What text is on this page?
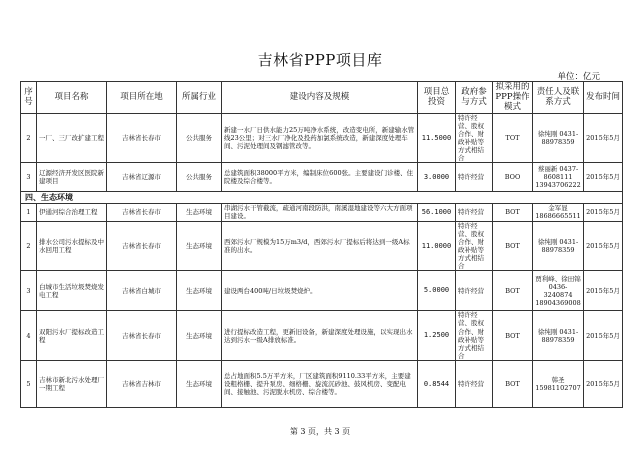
吉林省PPP项目库
单位：亿元
序号	项目名称	项目所在地	所属行业	建设内容及规模	项目总投资	政府参与方式	拟采用的PPP操作模式	责任人及联系方式	发布时间
2	一厂、三厂改扩建工程	吉林省长春市	公共服务	新建一水厂日供水能力25万吨净水系统，改造变电所，新建输水管线23公里；对三水厂净化及投药加氯系统改造，新建深度处理车间、污泥处理间及钢滤管改等。	11.5000	特许经营、股权合作、财政补贴等方式相结合	TOT	徐纯刚 0431-88978359	2015年5月
3	辽源经济开发区医院新建项目	吉林省辽源市	公共服务	总建筑面积38000平方米，编制床位600张。主要建设门诊楼、住院楼及综合楼等。	3.0000	特许经营	BOO	蔡丽新 0437-8608111 13943706222	2015年5月
四、生态环境									
1	伊通河综合治理工程	吉林省长春市	生态环境	串湖污水干管截流，疏通河南段防洪，南溪湿地建设等六大方面项目建设。	56.1000	特许经营	BOT	金军显 18686665511	2015年5月
2	排水公司污水提标及中水回用工程	吉林省长春市	生态环境	西郊污水厂规模为15万m3/d，西郊污水厂提标后将达到一级A标准的出水。	11.0000	特许经营、股权合作、财政补贴等方式相结合	BOT	徐纯刚 0431-88978359	2015年5月
3	白城市生活垃圾焚烧发电工程	吉林省白城市	生态环境	建设两台400吨/日垃圾焚烧炉。	5.0000	特许经营	BOT	贾利峰、徐田锦 0436-3240874 18904369008	2015年5月
4	双阳污水厂提标改造工程	吉林省长春市	生态环境	进行提标改造工程，更新旧设备，新建深度处理设施，以实现出水达到污水一级A排放标准。	1.2500	特许经营、股权合作、财政补贴等方式相结合	BOT	徐纯刚 0431-88978359	2015年5月
5	吉林市新北污水处理厂一期工程	吉林省吉林市	生态环境	总占地面积5.5万平方米，厂区建筑面积9110.33平方米，主要建设粗格栅、提升泵房、细格栅、旋流沉砂池、鼓风机房、变配电间、接触池、污泥脱水机房、综合楼等。	0.8544	特许经营	BOT	韩圣 15981102707	2015年5月
第 3 页，共 3 页
